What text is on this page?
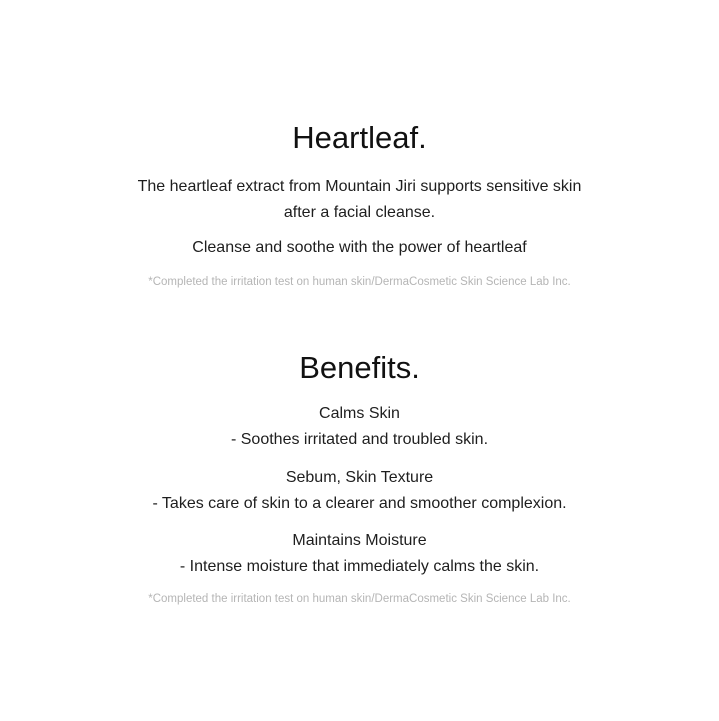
Heartleaf.

The heartleaf extract from Mountain Jiri supports sensitive skin

after a facial cleanse.

Cleanse and soothe with the power of heartleaf

*Completed the irritation test on human skin/DermaCosmetic Skin Science Lab Inc.

Benefits.

Calms Skin

- Soothes irritated and troubled skin.

Sebum, Skin Texture

- Takes care of skin to a clearer and smoother complexion.

Maintains Moisture

- Intense moisture that immediately calms the skin.

*Completed the irritation test on human skin/DermaCosmetic Skin Science Lab Inc.
